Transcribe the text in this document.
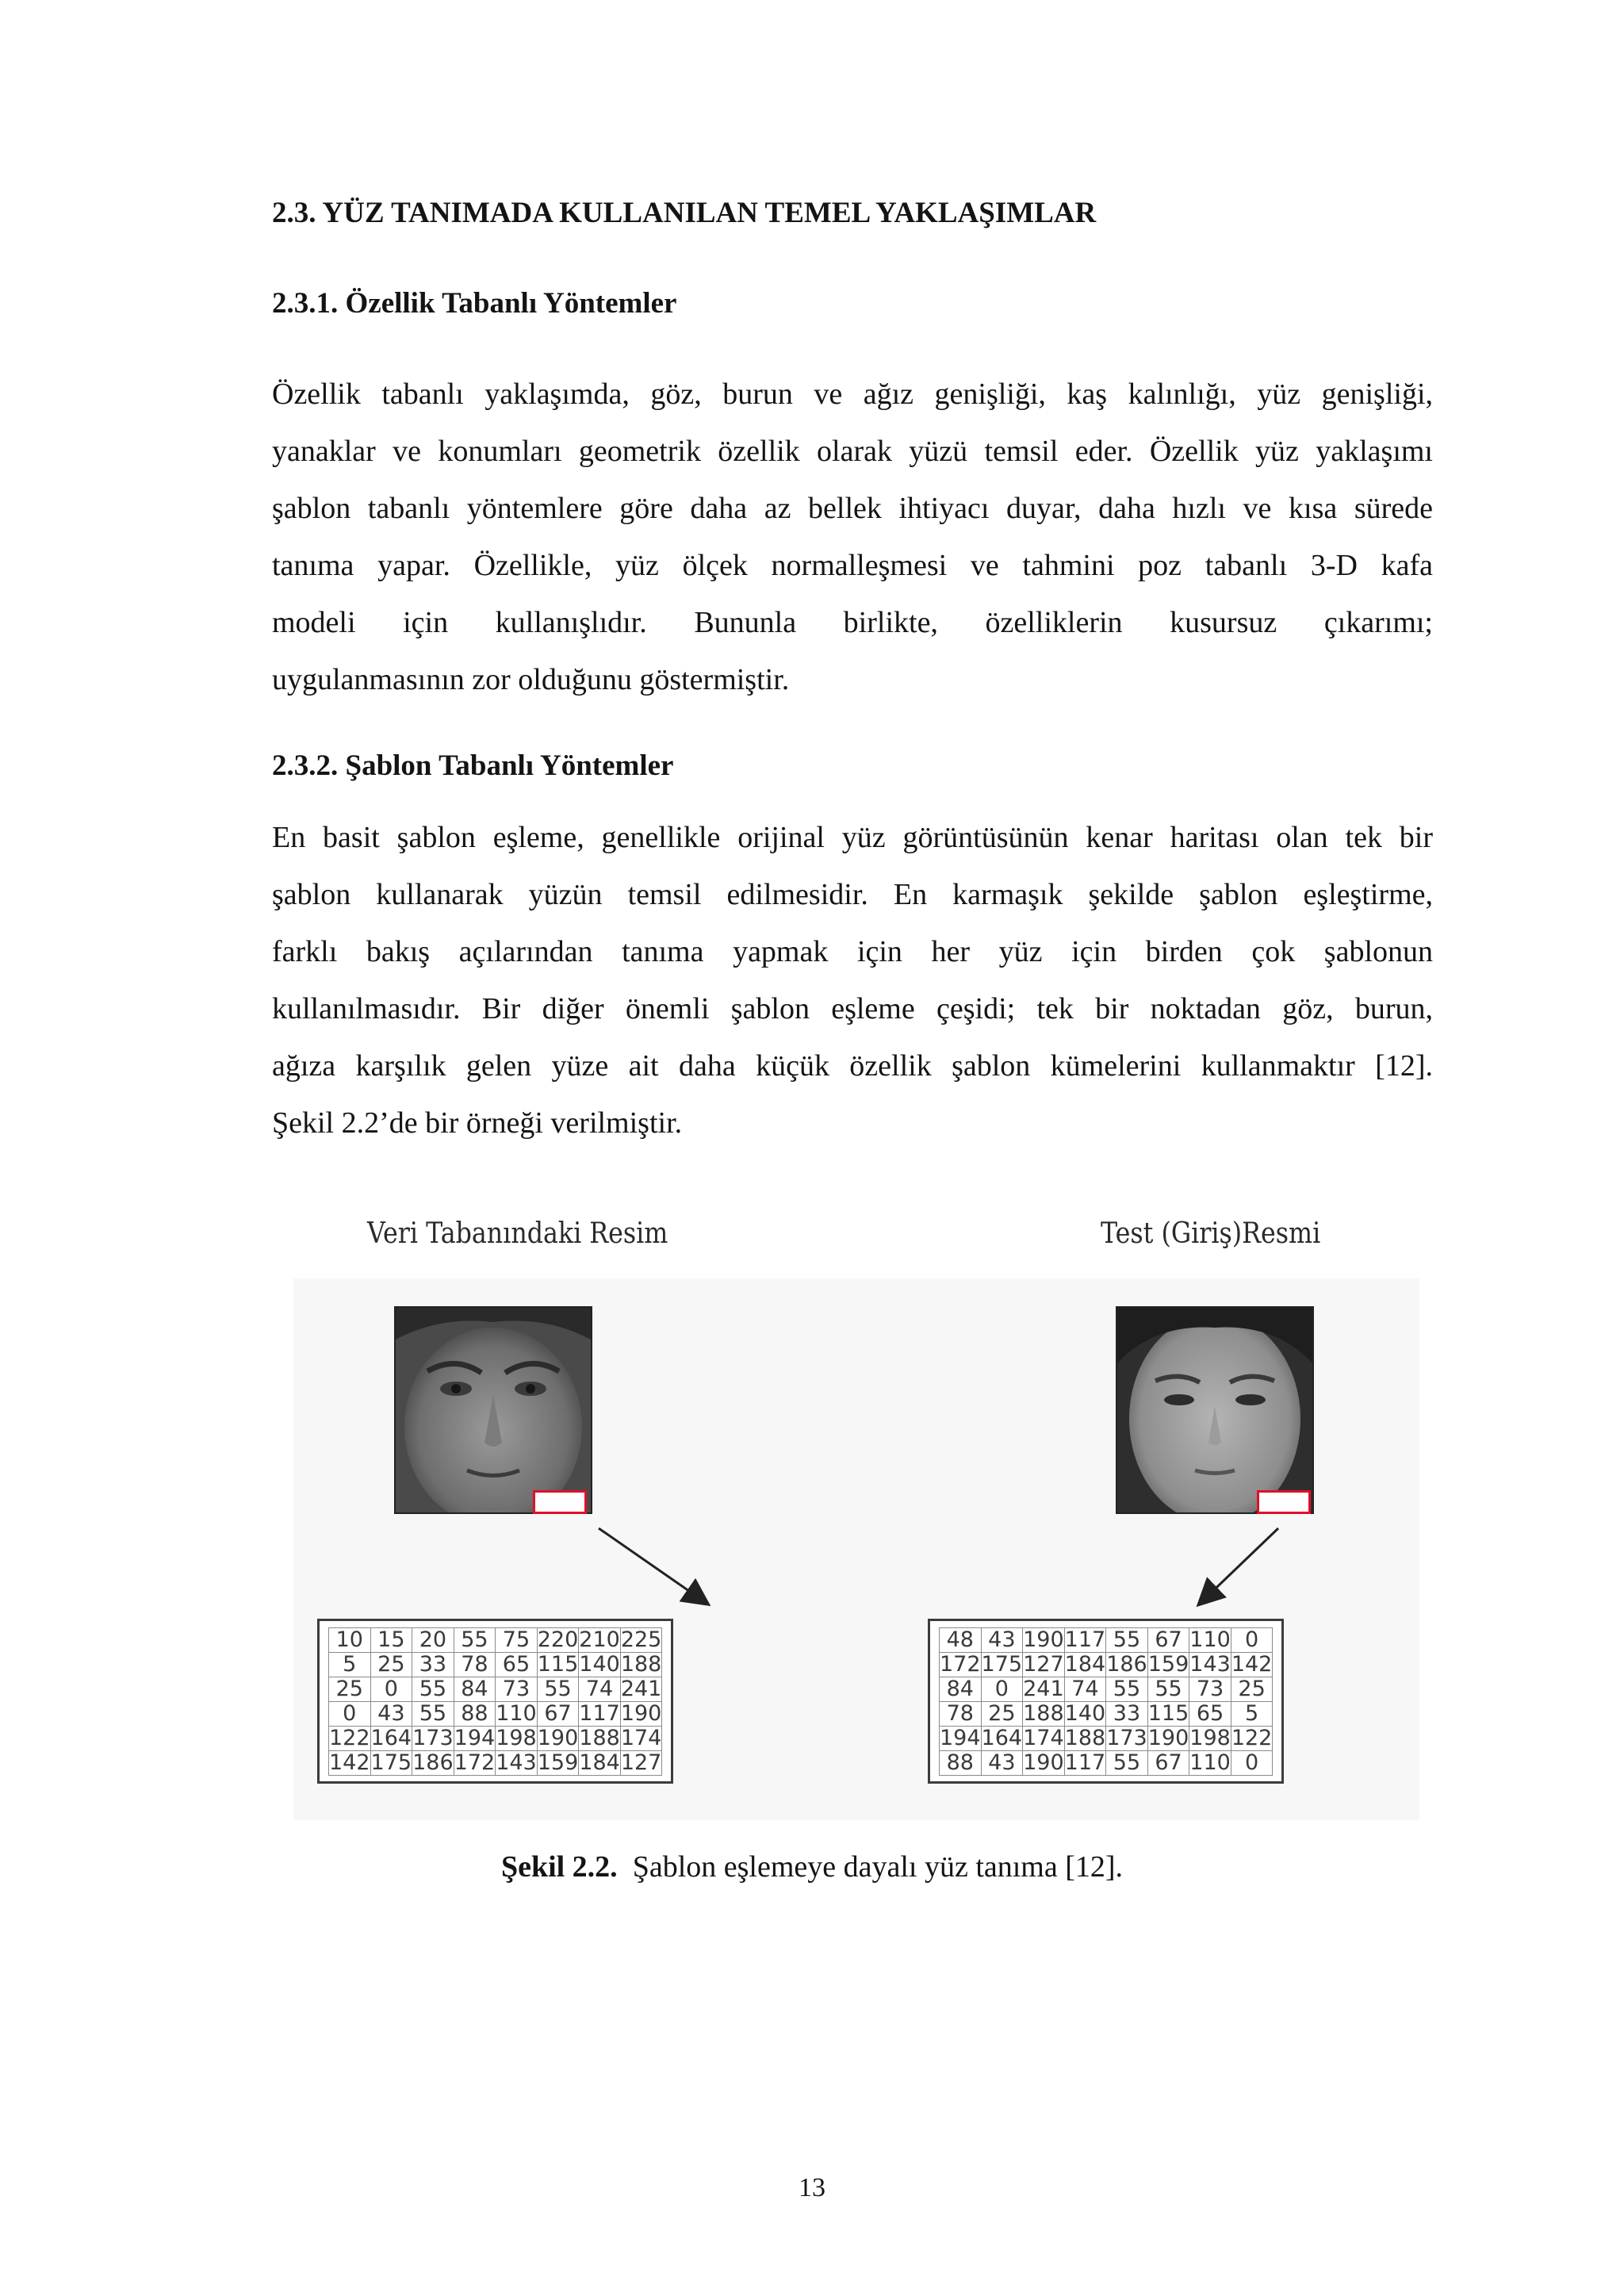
2.3. YÜZ TANIMADA KULLANILAN TEMEL YAKLAŞIMLAR
2.3.1. Özellik Tabanlı Yöntemler

Özellik tabanlı yaklaşımda, göz, burun ve ağız genişliği, kaş kalınlığı, yüz genişliği,
yanaklar ve konumları geometrik özellik olarak yüzü temsil eder. Özellik yüz yaklaşımı
şablon tabanlı yöntemlere göre daha az bellek ihtiyacı duyar, daha hızlı ve kısa sürede
tanıma yapar. Özellikle, yüz ölçek normalleşmesi ve tahmini poz tabanlı 3-D kafa
modeli için kullanışlıdır. Bununla birlikte, özelliklerin kusursuz çıkarımı;
uygulanmasının zor olduğunu göstermiştir.

2.3.2. Şablon Tabanlı Yöntemler

En basit şablon eşleme, genellikle orijinal yüz görüntüsünün kenar haritası olan tek bir
şablon kullanarak yüzün temsil edilmesidir. En karmaşık şekilde şablon eşleştirme,
farklı bakış açılarından tanıma yapmak için her yüz için birden çok şablonun
kullanılmasıdır. Bir diğer önemli şablon eşleme çeşidi; tek bir noktadan göz, burun,
ağıza karşılık gelen yüze ait daha küçük özellik şablon kümelerini kullanmaktır [12].
Şekil 2.2’de bir örneği verilmiştir.

Veri Tabanındaki Resim	Test (Giriş)Resmi
10	15	20	55	75	220	210	225
5	25	33	78	65	115	140	188
25	0	55	84	73	55	74	241
0	43	55	88	110	67	117	190
122	164	173	194	198	190	188	174
142	175	186	172	143	159	184	127
48	43	190	117	55	67	110	0
172	175	127	184	186	159	143	142
84	0	241	74	55	55	73	25
78	25	188	140	33	115	65	5
194	164	174	188	173	190	198	122
88	43	190	117	55	67	110	0
Şekil 2.2.  Şablon eşlemeye dayalı yüz tanıma [12].
13
